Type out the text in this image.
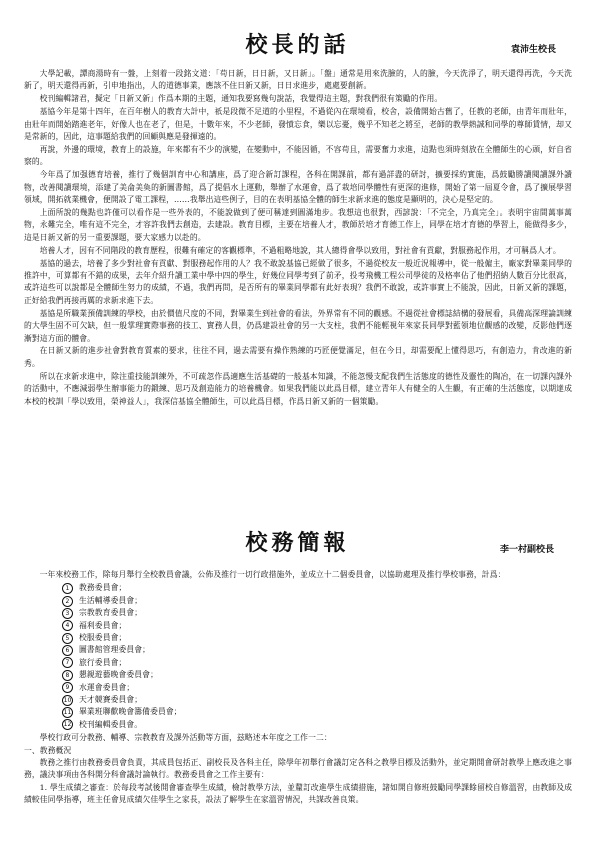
校長的話	袁沛生校長

大學記載，譚商湯時有一盤，上刻着一段銘文道：「苟日新，日日新，又日新」。「盤」通常是用來洗臉的，人的臉，今天洗淨了，明天還得再洗，今天洗新了，明天還得再新，引申地指出，人的道德事業，應該不住日新又新，日日求進步，處處要創新。

校刊編輯諸君，擬定「日新又新」作爲本期的主題，通知我要寫幾句說話，我覺得這主題，對我們很有策勵的作用。

基協今年是第十四年，在百年樹人的教育大計中，祇是段微不足道的小里程，不過從內在環境看，校舍，設備開始古舊了，任教的老師，由青年而壯年，由壯年而開始踏進老年，好像人也在老了，但是，十數年來，不少老師，發憤忘食，樂以忘憂，幾乎不知老之將至，老師的教學熱誠和同學的尊師賃情，却又是常新的，因此，這事題給我們的回顧與應是發揮遠的。

再說，外邊的環境，教育上的設施，年來都有不少的演變，在變動中，不能因循，不容苟且，需要奮力求進，這點也須時刻放在全體師生的心頭，好自省察的。

今年爲了加强德育培養，推行了幾個訓育中心和講座，爲了迎合新訂課程，各科在開課前，都有過詳盡的研討，擴要採約實施，爲鼓勵勝讀閱讀課外讀物，改善閱讀環境，添建了美侖美奐的新圖書館，爲了提倡水上運動，舉辦了水運會，爲了栽培同學體性有更深的進修，開始了第一屆夏令會，爲了擴展學習領域，開拓就業機會，便開設了電工課程，……我舉出這些例子，目的在表明基協全體的師生求新求進的態度是顯明的，決心是堅定的。

上面所說的幾點也許僅可以看作是一些外表的，不能說做到了便可稱達到圓滿地步。我想這也很對，西諺說：「不完全，乃真完全」。表明宇宙間萬事萬物，永難完全，唯有這不完全，才容許我們去創造，去建設。教育目標，主要在培養人才，教師於培才育德工作上，同學在培才育德的學習上，能做得多少，這是日新又新的另一重要課題，要大家感力以赴的。

培養人才，因有不同階段的教育歷程，很難有確定的客觀標準，不過粗略地說，其人總得會學以致用，對社會有貢獻，對服務起作用，才可稱爲人才。

基協的過去，培養了多少對社會有貢獻、對服務起作用的人？我不敢說基協已經做了很多，不過從校友一般近況報導中，從一般僱主，廠家對畢業同學的推許中，可算都有不錯的成果，去年介紹升讀工業中學中四的學生，好幾位同學考到了前矛，投考飛機工程公司學徒的及格率佔了他們招納人數百分比很高，或許這些可以說都是全體師生努力的成績，不過，我們再問，是否所有的畢業同學都有此好表現？我們不敢說，或許事實上不能說，因此，日新又新的課題，正好給我們再接再厲的求新求進下去。

基協是所職業預備訓練的學校，由於價值尺度的不同，對畢業生到社會的看法，外界常有不同的觀感。不過從社會標誌結構的發展看，具備高深理論訓練的大學生固不可欠缺，但一般掌理實際事務的技工、實務人員，仍爲建設社會的另一大支柱，我們不能輕視年來家長同學對藍領地位觀感的改變，反影他們逐漸對這方面的體會。

在日新又新的進步社會對教育質素的要求，往往不同，過去需要有操作熟練的巧匠便覺滿足，但在今日，却需要配上懂得思巧，有創造力，肯改進的新秀。

所以在求新求進中，除注重技能訓練外，不可疏忽作爲適應生活基礎的一般基本知識，不能忽慢支配我們生活態度的德性及靈性的陶冶，在一切課內課外的活動中，不應減弱學生辦事能力的鍛練、思巧及創造能力的培養機會。如果我們能以此爲目標，建立青年人有健全的人生觀，有正確的生活態度，以期達成本校的校訓「學以致用，榮神益人」，我深信基協全體師生，可以此爲目標，作爲日新又新的一個策勵。

校務簡報	李一村副校長

一年來校務工作，除每月舉行全校教員會議，公佈及推行一切行政措施外，並成立十二個委員會，以協助處理及推行學校事務，計爲：

1 教務委員會；
2 生活輔導委員會；
3 宗教教育委員會；
4 福利委員會；
5 校服委員會；
6 圖書館管理委員會；
7 旅行委員會；
8 懇親遊藝晚會委員會；
9 水運會委員會；
10 天才競賽委員會；
11 畢業班聯歡晚會籌備委員會；
12 校刊編輯委員會。

學校行政可分教務、輔導、宗教教育及課外活動等方面，玆略述本年度之工作一二：

一、教務概況

教務之推行由教務委員會負責，其成員包括正、副校長及各科主任，除學年初舉行會議訂定各科之教學目標及活動外，並定期開會研討教學上應改進之事務，議決事項由各科開分科會議討論執行。教務委員會之工作主要有：

1. 學生成績之審查：於每段考試後開會審查學生成績，檢討教學方法，並釐訂改進學生成績措施，諸如開自修班鼓勵同學課餘留校自修溫習，由教師及成績較佳同學指導，班主任會見成績欠佳學生之家長，設法了解學生在家溫習情況，共謀改善良策。
